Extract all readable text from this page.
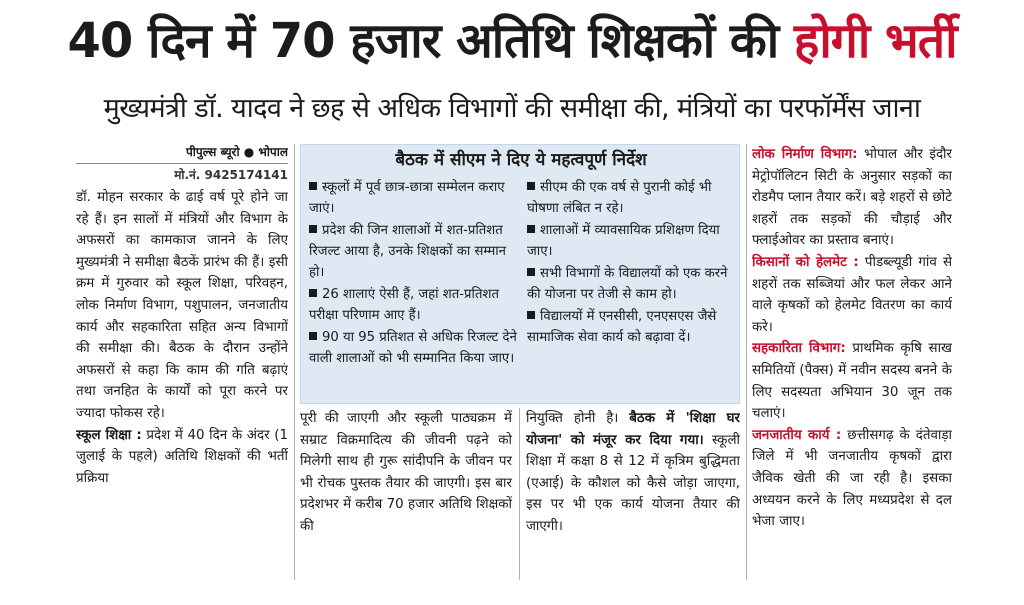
40 दिन में 70 हजार अतिथि शिक्षकों की होगी भर्ती
मुख्यमंत्री डॉ. यादव ने छह से अधिक विभागों की समीक्षा की, मंत्रियों का परफॉर्मेंस जाना
पीपुल्स ब्यूरो ● भोपाल
मो.नं. 9425174141

डॉ. मोहन सरकार के ढाई वर्ष पूरे होने जा रहे हैं। इन सालों में मंत्रियों और विभाग के अफसरों का कामकाज जानने के लिए मुख्यमंत्री ने समीक्षा बैठकें प्रारंभ की हैं। इसी क्रम में गुरुवार को स्कूल शिक्षा, परिवहन, लोक निर्माण विभाग, पशुपालन, जनजातीय कार्य और सहकारिता सहित अन्य विभागों की समीक्षा की। बैठक के दौरान उन्होंने अफसरों से कहा कि काम की गति बढ़ाएं तथा जनहित के कार्यों को पूरा करने पर ज्यादा फोकस रहे।

स्कूल शिक्षा : प्रदेश में 40 दिन के अंदर (1 जुलाई के पहले) अतिथि शिक्षकों की भर्ती प्रक्रिया

बैठक में सीएम ने दिए ये महत्वपूर्ण निर्देश
स्कूलों में पूर्व छात्र-छात्रा सम्मेलन कराए जाएं।
प्रदेश की जिन शालाओं में शत-प्रतिशत रिजल्ट आया है, उनके शिक्षकों का सम्मान हो।
26 शालाएं ऐसी हैं, जहां शत-प्रतिशत परीक्षा परिणाम आए हैं।
90 या 95 प्रतिशत से अधिक रिजल्ट देने वाली शालाओं को भी सम्मानित किया जाए।
सीएम की एक वर्ष से पुरानी कोई भी घोषणा लंबित न रहे।
शालाओं में व्यावसायिक प्रशिक्षण दिया जाए।
सभी विभागों के विद्यालयों को एक करने की योजना पर तेजी से काम हो।
विद्यालयों में एनसीसी, एनएसएस जैसे सामाजिक सेवा कार्य को बढ़ावा दें।

पूरी की जाएगी और स्कूली पाठ्यक्रम में सम्राट विक्रमादित्य की जीवनी पढ़ने को मिलेगी साथ ही गुरू सांदीपनि के जीवन पर भी रोचक पुस्तक तैयार की जाएगी। इस बार प्रदेशभर में करीब 70 हजार अतिथि शिक्षकों की

नियुक्ति होनी है। बैठक में 'शिक्षा घर योजना' को मंजूर कर दिया गया। स्कूली शिक्षा में कक्षा 8 से 12 में कृत्रिम बुद्धिमता (एआई) के कौशल को कैसे जोड़ा जाएगा, इस पर भी एक कार्य योजना तैयार की जाएगी।

लोक निर्माण विभाग: भोपाल और इंदौर मेट्रोपॉलिटन सिटी के अनुसार सड़कों का रोडमैप प्लान तैयार करें। बड़े शहरों से छोटे शहरों तक सड़कों की चौड़ाई और फ्लाईओवर का प्रस्ताव बनाएं।

किसानों को हेलमेट : पीडब्ल्यूडी गांव से शहरों तक सब्जियां और फल लेकर आने वाले कृषकों को हेलमेट वितरण का कार्य करे।

सहकारिता विभाग: प्राथमिक कृषि साख समितियों (पैक्स) में नवीन सदस्य बनने के लिए सदस्यता अभियान 30 जून तक चलाएं।

जनजातीय कार्य : छत्तीसगढ़ के दंतेवाड़ा जिले में भी जनजातीय कृषकों द्वारा जैविक खेती की जा रही है। इसका अध्ययन करने के लिए मध्यप्रदेश से दल भेजा जाए।
